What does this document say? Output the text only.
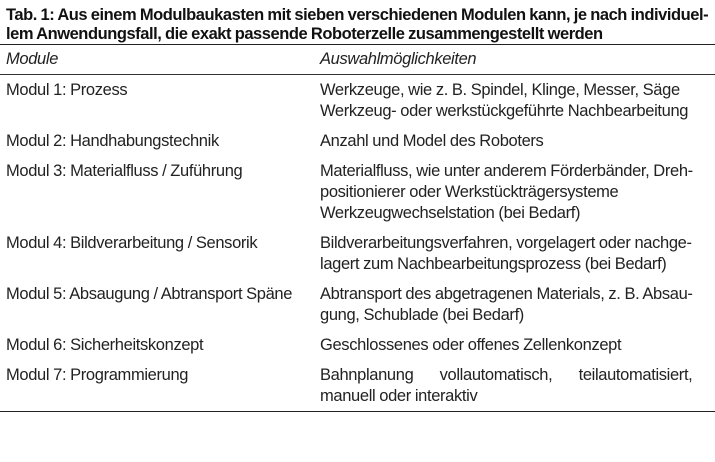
Tab. 1: Aus einem Modulbaukasten mit sieben verschiedenen Modulen kann, je nach individuel-
lem Anwendungsfall, die exakt passende Roboterzelle zusammengestellt werden

Module	Auswahlmöglichkeiten
Modul 1: Prozess	Werkzeuge, wie z. B. Spindel, Klinge, Messer, Säge
Werkzeug- oder werkstückgeführte Nachbearbeitung

Modul 2: Handhabungstechnik	Anzahl und Model des Roboters

Modul 3: Materialfluss / Zuführung	Materialfluss, wie unter anderem Förderbänder, Dreh-
positionierer oder Werkstückträgersysteme
Werkzeugwechselstation (bei Bedarf)

Modul 4: Bildverarbeitung / Sensorik	Bildverarbeitungsverfahren, vorgelagert oder nachge-
lagert zum Nachbearbeitungsprozess (bei Bedarf)

Modul 5: Absaugung / Abtransport Späne	Abtransport des abgetragenen Materials, z. B. Absau-
gung, Schublade (bei Bedarf)

Modul 6: Sicherheitskonzept	Geschlossenes oder offenes Zellenkonzept

Modul 7: Programmierung	Bahnplanung vollautomatisch, teilautomatisiert,
manuell oder interaktiv
